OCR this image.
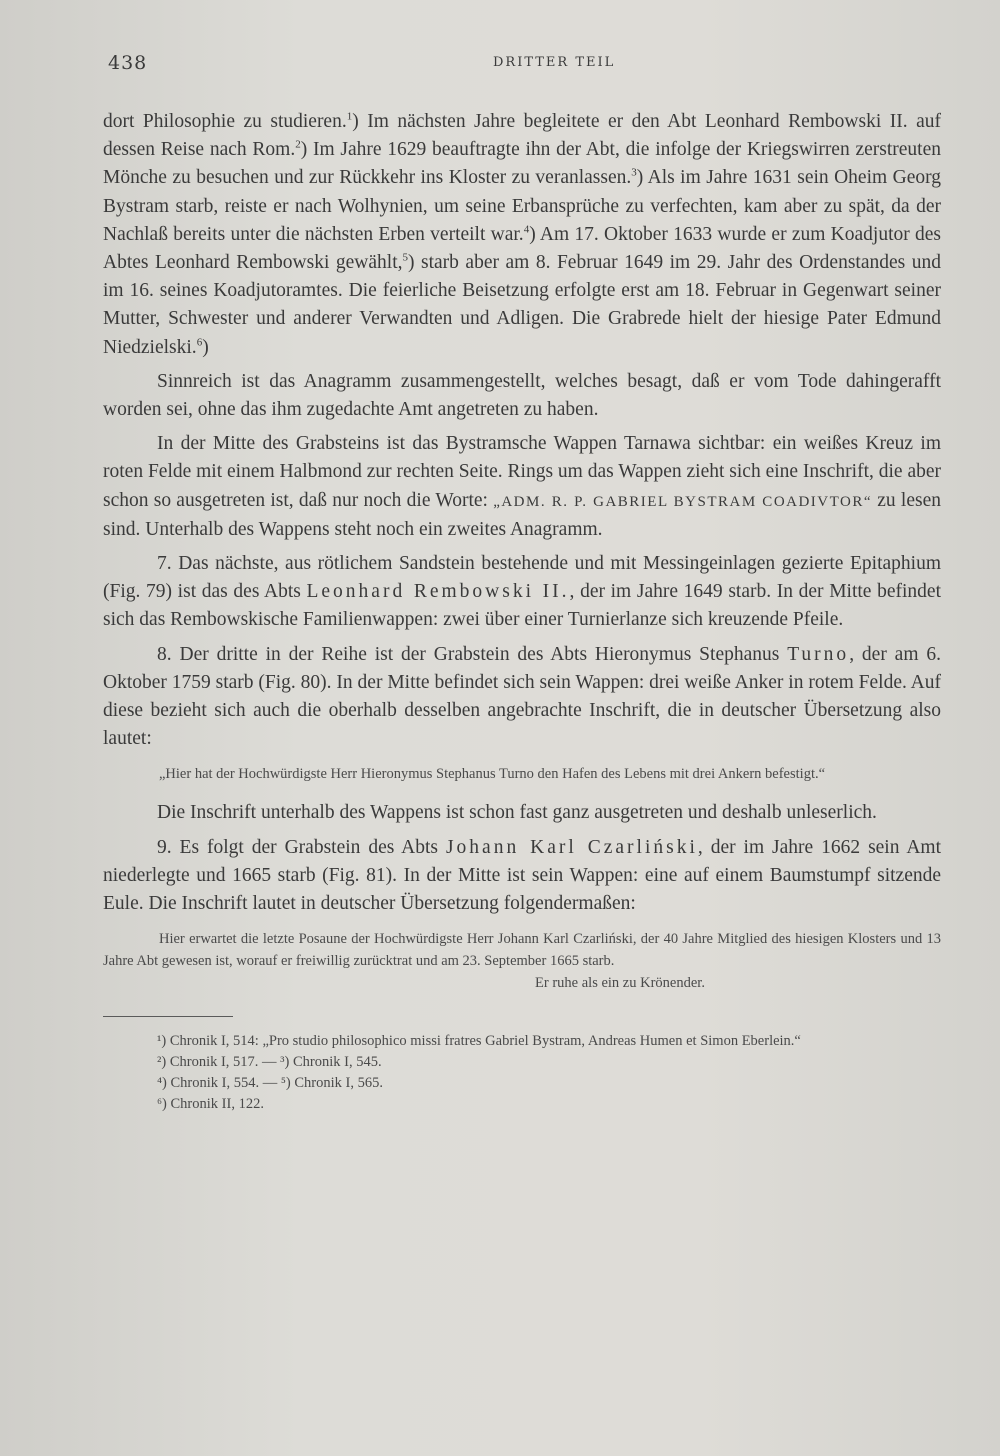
438	DRITTER TEIL

dort Philosophie zu studieren.$^1$) Im nächsten Jahre begleitete er den Abt Leonhard Rembowski II. auf dessen Reise nach Rom.$^2$) Im Jahre 1629 beauftragte ihn der Abt, die infolge der Kriegswirren zerstreuten Mönche zu besuchen und zur Rückkehr ins Kloster zu veranlassen.$^3$) Als im Jahre 1631 sein Oheim Georg Bystram starb, reiste er nach Wolhynien, um seine Erbansprüche zu verfechten, kam aber zu spät, da der Nachlaß bereits unter die nächsten Erben verteilt war.$^4$) Am 17. Oktober 1633 wurde er zum Koadjutor des Abtes Leonhard Rembowski gewählt,$^5$) starb aber am 8. Februar 1649 im 29. Jahr des Ordenstandes und im 16. seines Koadjutoramtes. Die feierliche Beisetzung erfolgte erst am 18. Februar in Gegenwart seiner Mutter, Schwester und anderer Verwandten und Adligen. Die Grabrede hielt der hiesige Pater Edmund Niedzielski.$^6$)

Sinnreich ist das Anagramm zusammengestellt, welches besagt, daß er vom Tode dahingerafft worden sei, ohne das ihm zugedachte Amt angetreten zu haben.

In der Mitte des Grabsteins ist das Bystramsche Wappen Tarnawa sichtbar: ein weißes Kreuz im roten Felde mit einem Halbmond zur rechten Seite. Rings um das Wappen zieht sich eine Inschrift, die aber schon so ausgetreten ist, daß nur noch die Worte: „ADM. R. P. GABRIEL BYSTRAM COADIVTOR“ zu lesen sind. Unterhalb des Wappens steht noch ein zweites Anagramm.

7. Das nächste, aus rötlichem Sandstein bestehende und mit Messingeinlagen gezierte Epitaphium (Fig. 79) ist das des Abts Leonhard Rembowski II., der im Jahre 1649 starb. In der Mitte befindet sich das Rembowskische Familienwappen: zwei über einer Turnierlanze sich kreuzende Pfeile.

8. Der dritte in der Reihe ist der Grabstein des Abts Hieronymus Stephanus Turno, der am 6. Oktober 1759 starb (Fig. 80). In der Mitte befindet sich sein Wappen: drei weiße Anker in rotem Felde. Auf diese bezieht sich auch die oberhalb desselben angebrachte Inschrift, die in deutscher Übersetzung also lautet:

„Hier hat der Hochwürdigste Herr Hieronymus Stephanus Turno den Hafen des Lebens mit drei Ankern befestigt.“

Die Inschrift unterhalb des Wappens ist schon fast ganz ausgetreten und deshalb unleserlich.

9. Es folgt der Grabstein des Abts Johann Karl Czarliński, der im Jahre 1662 sein Amt niederlegte und 1665 starb (Fig. 81). In der Mitte ist sein Wappen: eine auf einem Baumstumpf sitzende Eule. Die Inschrift lautet in deutscher Übersetzung folgendermaßen:

Hier erwartet die letzte Posaune der Hochwürdigste Herr Johann Karl Czarliński, der 40 Jahre Mitglied des hiesigen Klosters und 13 Jahre Abt gewesen ist, worauf er freiwillig zurücktrat und am 23. September 1665 starb.
Er ruhe als ein zu Krönender.

¹) Chronik I, 514: „Pro studio philosophico missi fratres Gabriel Bystram, Andreas Humen et Simon Eberlein.“

²) Chronik I, 517. — ³) Chronik I, 545.

⁴) Chronik I, 554. — ⁵) Chronik I, 565.

⁶) Chronik II, 122.
